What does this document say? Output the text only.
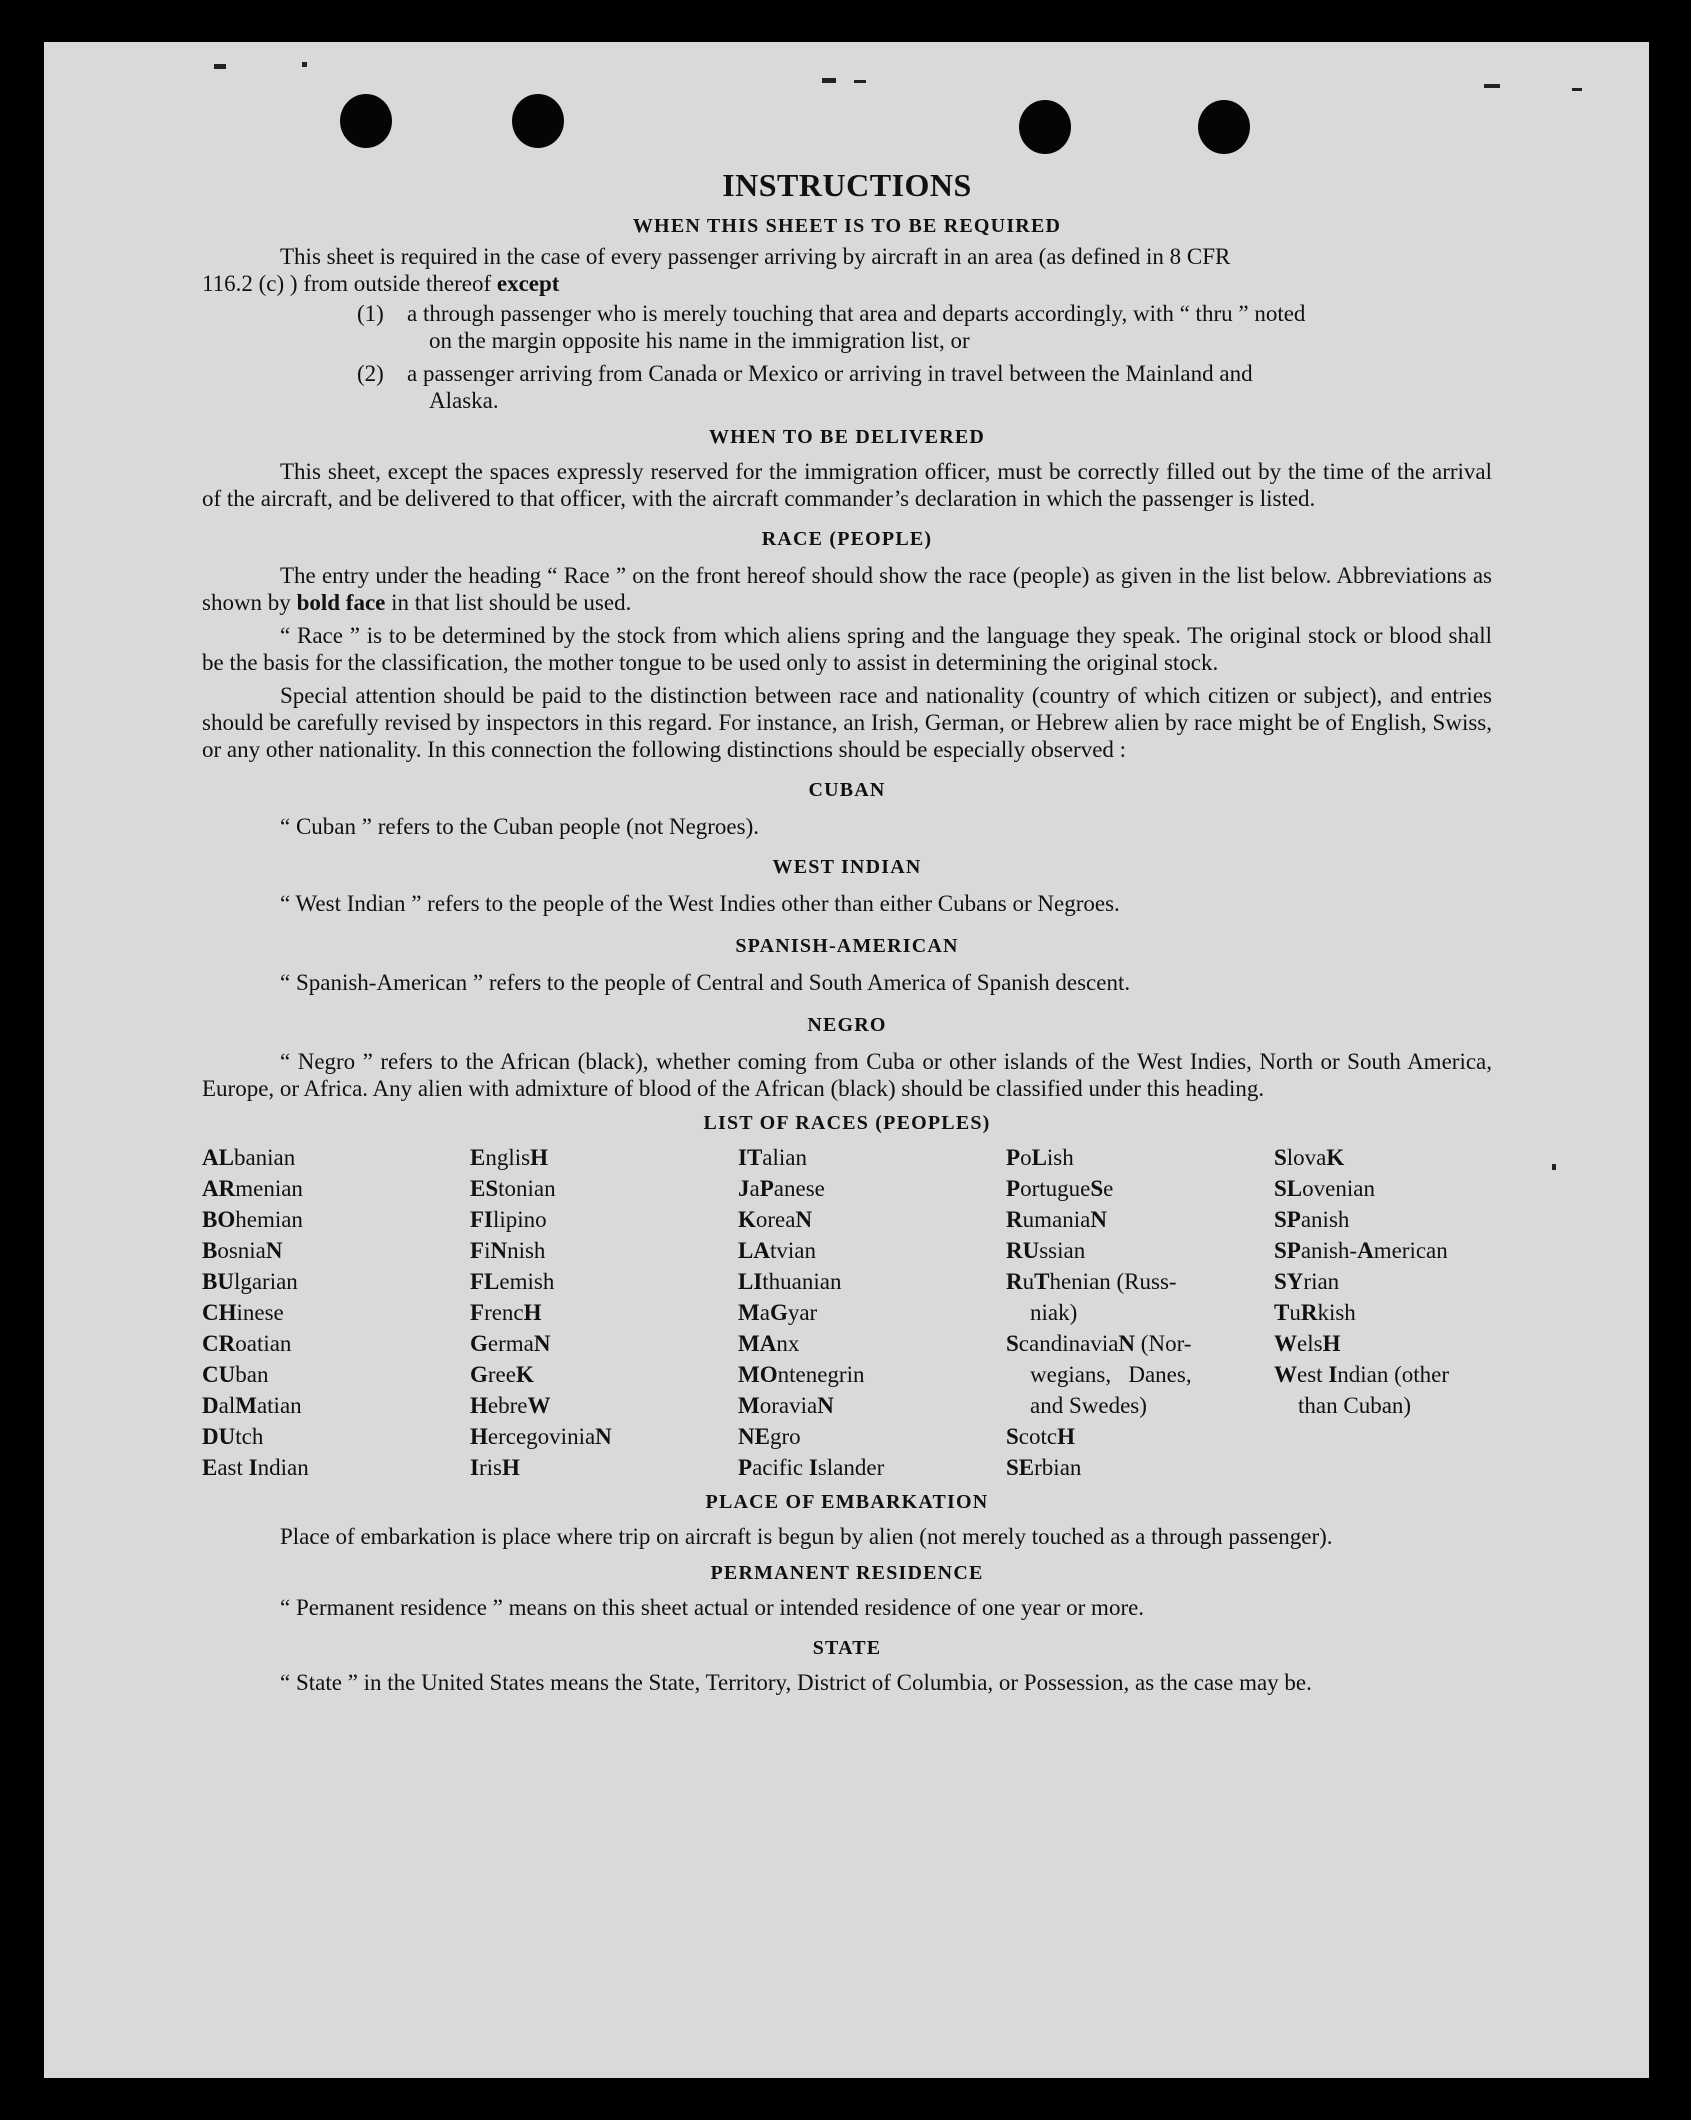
INSTRUCTIONS
WHEN THIS SHEET IS TO BE REQUIRED

This sheet is required in the case of every passenger arriving by aircraft in an area (as defined in 8 CFR

116.2 (c) ) from outside thereof except

(1)	a through passenger who is merely touching that area and departs accordingly, with “ thru ” noted
on the margin opposite his name in the immigration list, or
(2)	a passenger arriving from Canada or Mexico or arriving in travel between the Mainland and
Alaska.
WHEN TO BE DELIVERED

This sheet, except the spaces expressly reserved for the immigration officer, must be correctly filled out by the time of the arrival of the aircraft, and be delivered to that officer, with the aircraft commander’s declaration in which the passenger is listed.

RACE (PEOPLE)

The entry under the heading “ Race ” on the front hereof should show the race (people) as given in the list below. Abbreviations as shown by bold face in that list should be used.

“ Race ” is to be determined by the stock from which aliens spring and the language they speak. The original stock or blood shall be the basis for the classification, the mother tongue to be used only to assist in determining the original stock.

Special attention should be paid to the distinction between race and nationality (country of which citizen or subject), and entries should be carefully revised by inspectors in this regard. For instance, an Irish, German, or Hebrew alien by race might be of English, Swiss, or any other nationality. In this connection the following distinctions should be especially observed :

CUBAN

“ Cuban ” refers to the Cuban people (not Negroes).

WEST INDIAN

“ West Indian ” refers to the people of the West Indies other than either Cubans or Negroes.

SPANISH-AMERICAN

“ Spanish-American ” refers to the people of Central and South America of Spanish descent.

NEGRO

“ Negro ” refers to the African (black), whether coming from Cuba or other islands of the West Indies, North or South America, Europe, or Africa. Any alien with admixture of blood of the African (black) should be classified under this heading.

LIST OF RACES (PEOPLES)
ALbanian
ARmenian
BOhemian
BosniaN
BUlgarian
CHinese
CRoatian
CUban
DalMatian
DUtch
East Indian
EnglisH
EStonian
FIlipino
FiNnish
FLemish
FrencH
GermaN
GreeK
HebreW
HercegoviniaN
IrisH
ITalian
JaPanese
KoreaN
LAtvian
LIthuanian
MaGyar
MAnx
MOntenegrin
MoraviaN
NEgro
Pacific Islander
PoLish
PortugueSe
RumaniaN
RUssian
RuThenian (Russ-
niak)
ScandinaviaN (Nor-
wegians,   Danes,
and Swedes)
ScotcH
SErbian
SlovaK
SLovenian
SPanish
SPanish-American
SYrian
TuRkish
WelsH
West Indian (other
than Cuban)
PLACE OF EMBARKATION

Place of embarkation is place where trip on aircraft is begun by alien (not merely touched as a through passenger).

PERMANENT RESIDENCE

“ Permanent residence ” means on this sheet actual or intended residence of one year or more.

STATE

“ State ” in the United States means the State, Territory, District of Columbia, or Possession, as the case may be.
